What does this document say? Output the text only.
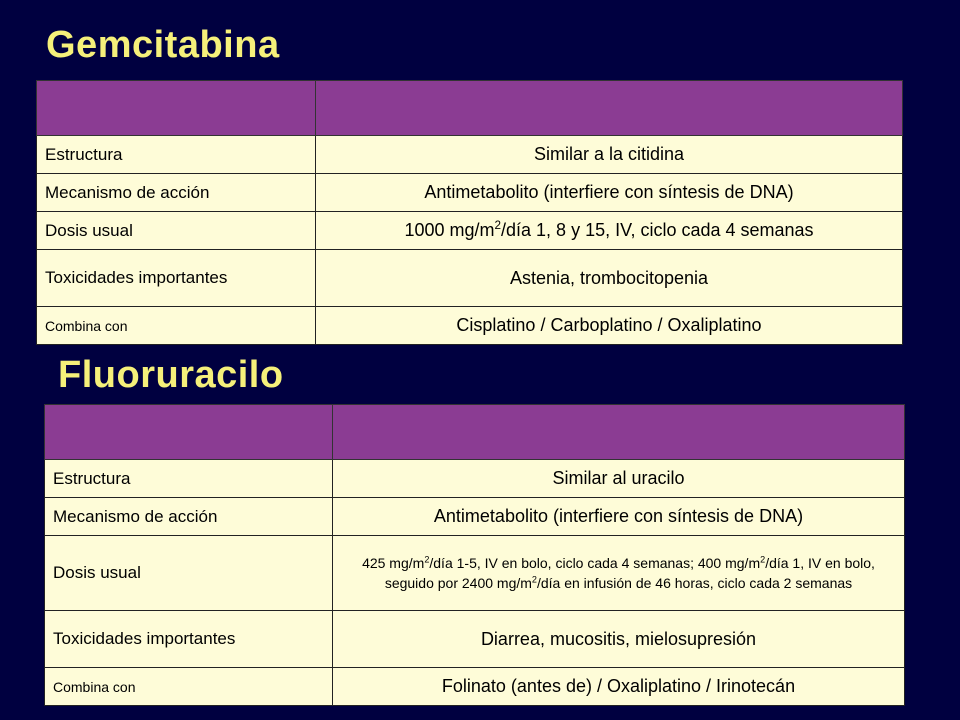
Gemcitabina

Estructura	Similar a la citidina
Mecanismo de acción	Antimetabolito (interfiere con síntesis de DNA)
Dosis usual	1000 $mg/m^2$/día 1, 8 y 15, IV, ciclo cada 4 semanas
Toxicidades importantes	Astenia, trombocitopenia
Combina con	Cisplatino / Carboplatino / Oxaliplatino
Fluoruracilo

Estructura	Similar al uracilo
Mecanismo de acción	Antimetabolito (interfiere con síntesis de DNA)
Dosis usual	425 $mg/m^2$/día 1-5, IV en bolo, ciclo cada 4 semanas; 400 $mg/m^2$/día 1, IV en bolo, seguido por 2400 $mg/m^2$/día en infusión de 46 horas, ciclo cada 2 semanas
Toxicidades importantes	Diarrea, mucositis, mielosupresión
Combina con	Folinato (antes de) / Oxaliplatino / Irinotecán
